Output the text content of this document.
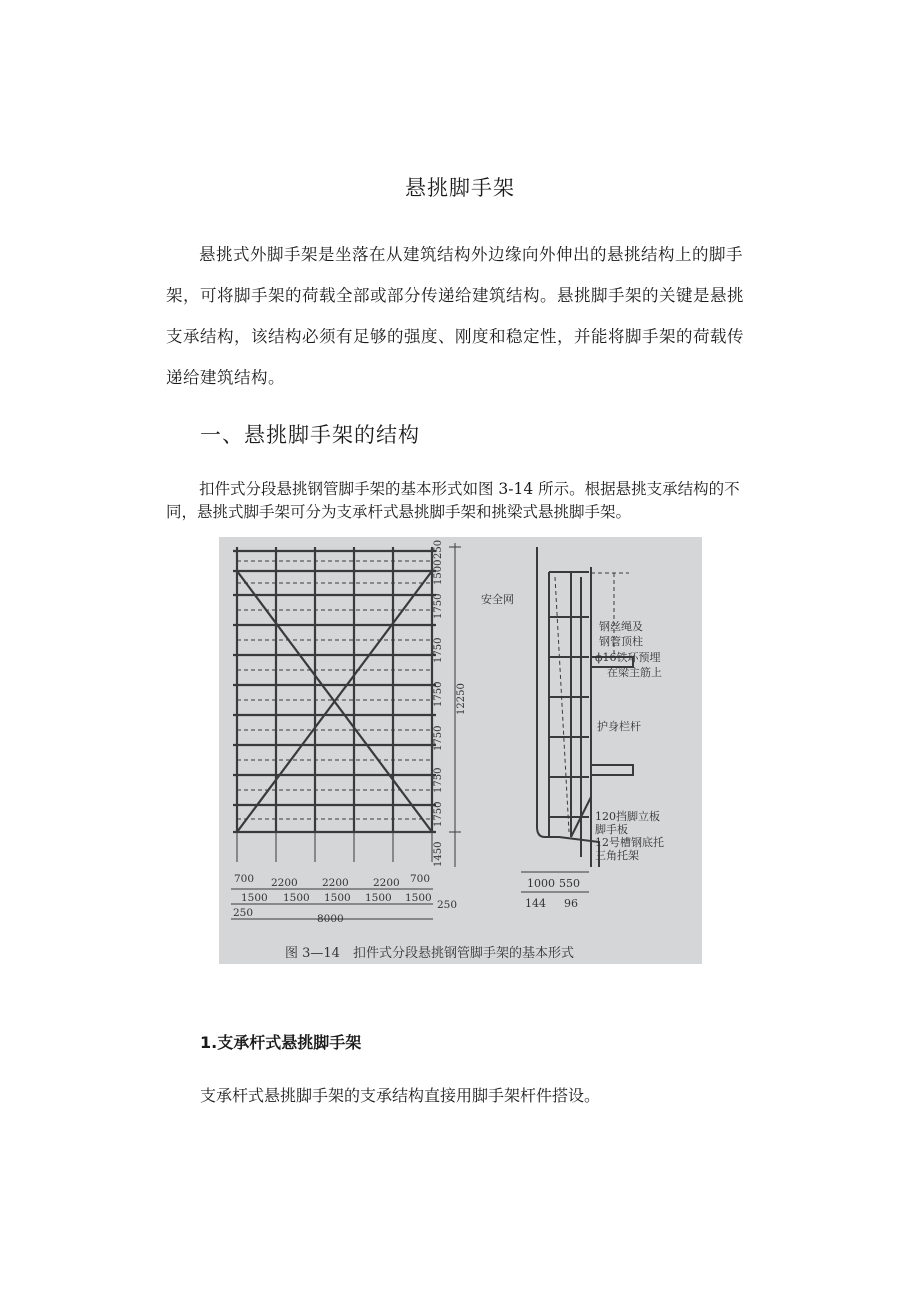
悬挑脚手架

悬挑式外脚手架是坐落在从建筑结构外边缘向外伸出的悬挑结构上的脚手架，可将脚手架的荷载全部或部分传递给建筑结构。悬挑脚手架的关键是悬挑支承结构，该结构必须有足够的强度、刚度和稳定性，并能将脚手架的荷载传递给建筑结构。

一、悬挑脚手架的结构

扣件式分段悬挑钢管脚手架的基本形式如图 3-14 所示。根据悬挑支承结构的不同，悬挑式脚手架可分为支承杆式悬挑脚手架和挑梁式悬挑脚手架。

700 2200 2200 2200 700
1500 1500 1500 1500 1500
250	8000
250
250
1500
1750
1750
1750
1750
1750
1750
1450
12250
安全网
钢丝绳及
钢管顶柱
ϕ16铁环预埋
在梁主筋上
护身栏杆
120挡脚立板
脚手板
12号槽钢底托
三角托架
1000 550
144 96
图 3—14　扣件式分段悬挑钢管脚手架的基本形式
1.支承杆式悬挑脚手架

支承杆式悬挑脚手架的支承结构直接用脚手架杆件搭设。
